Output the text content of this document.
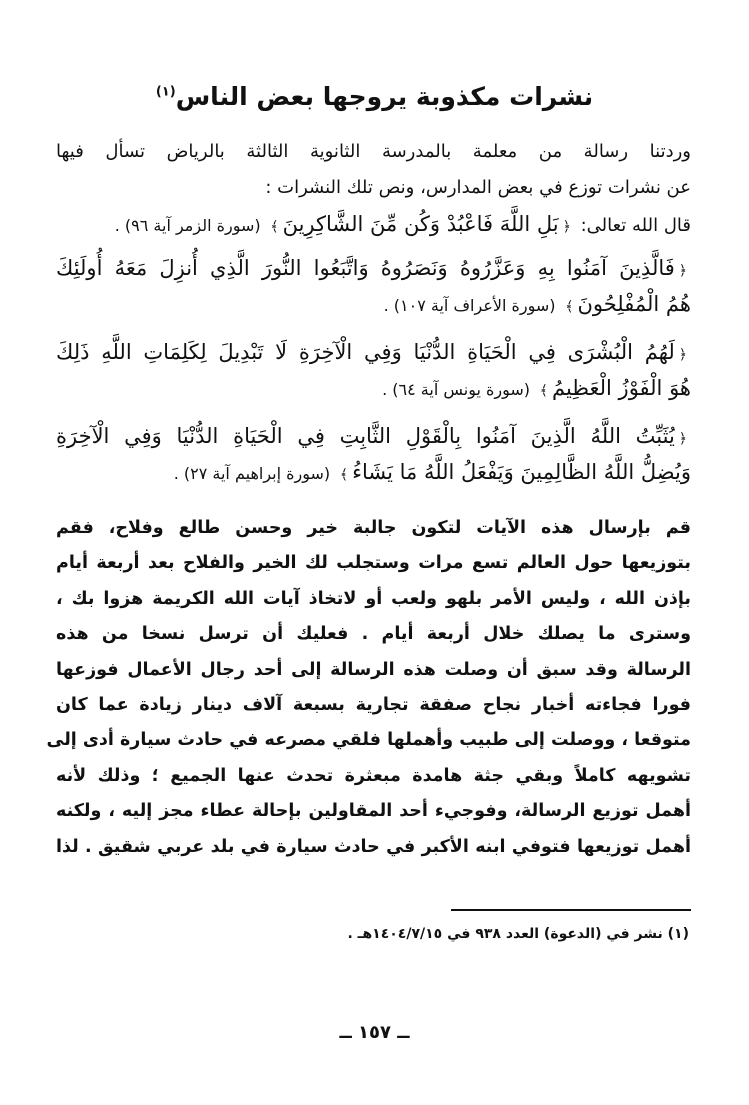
نشرات مكذوبة يروجها بعض الناس$^{(١)}$

وردتنا رسالة من معلمة بالمدرسة الثانوية الثالثة بالرياض تسأل فيها

عن نشرات توزع في بعض المدارس، ونص تلك النشرات :

قال الله تعالى: ﴿بَلِ اللَّهَ فَاعْبُدْ وَكُن مِّنَ الشَّاكِرِينَ﴾ (سورة الزمر آية ٩٦) .

﴿فَالَّذِينَ آمَنُوا بِهِ وَعَزَّرُوهُ وَنَصَرُوهُ وَاتَّبَعُوا النُّورَ الَّذِي أُنزِلَ مَعَهُ أُولَئِكَ

هُمُ الْمُفْلِحُونَ﴾ (سورة الأعراف آية ١٠٧) .

﴿لَهُمُ الْبُشْرَى فِي الْحَيَاةِ الدُّنْيَا وَفِي الْآخِرَةِ لَا تَبْدِيلَ لِكَلِمَاتِ اللَّهِ ذَلِكَ

هُوَ الْفَوْزُ الْعَظِيمُ﴾ (سورة يونس آية ٦٤) .

﴿يُثَبِّتُ اللَّهُ الَّذِينَ آمَنُوا بِالْقَوْلِ الثَّابِتِ فِي الْحَيَاةِ الدُّنْيَا وَفِي الْآخِرَةِ

وَيُضِلُّ اللَّهُ الظَّالِمِينَ وَيَفْعَلُ اللَّهُ مَا يَشَاءُ﴾ (سورة إبراهيم آية ٢٧) .

قم بإرسال هذه الآيات لتكون جالبة خير وحسن طالع وفلاح، فقم

بتوزيعها حول العالم تسع مرات وستجلب لك الخير والفلاح بعد أربعة أيام

بإذن الله ، وليس الأمر بلهو ولعب أو لاتخاذ آيات الله الكريمة هزوا بك ،

وسترى ما يصلك خلال أربعة أيام . فعليك أن ترسل نسخا من هذه

الرسالة وقد سبق أن وصلت هذه الرسالة إلى أحد رجال الأعمال فوزعها

فورا فجاءته أخبار نجاح صفقة تجارية بسبعة آلاف دينار زيادة عما كان

متوقعا ، ووصلت إلى طبيب وأهملها فلقي مصرعه في حادث سيارة أدى إلى

تشويهه كاملاً وبقي جثة هامدة مبعثرة تحدث عنها الجميع ؛ وذلك لأنه

أهمل توزيع الرسالة، وفوجيء أحد المقاولين بإحالة عطاء مجز إليه ، ولكنه

أهمل توزيعها فتوفي ابنه الأكبر في حادث سيارة في بلد عربي شقيق . لذا

(١) نشر في (الدعوة) العدد ٩٣٨ في ١٤٠٤/٧/١٥هـ .

ــ ١٥٧ ــ
